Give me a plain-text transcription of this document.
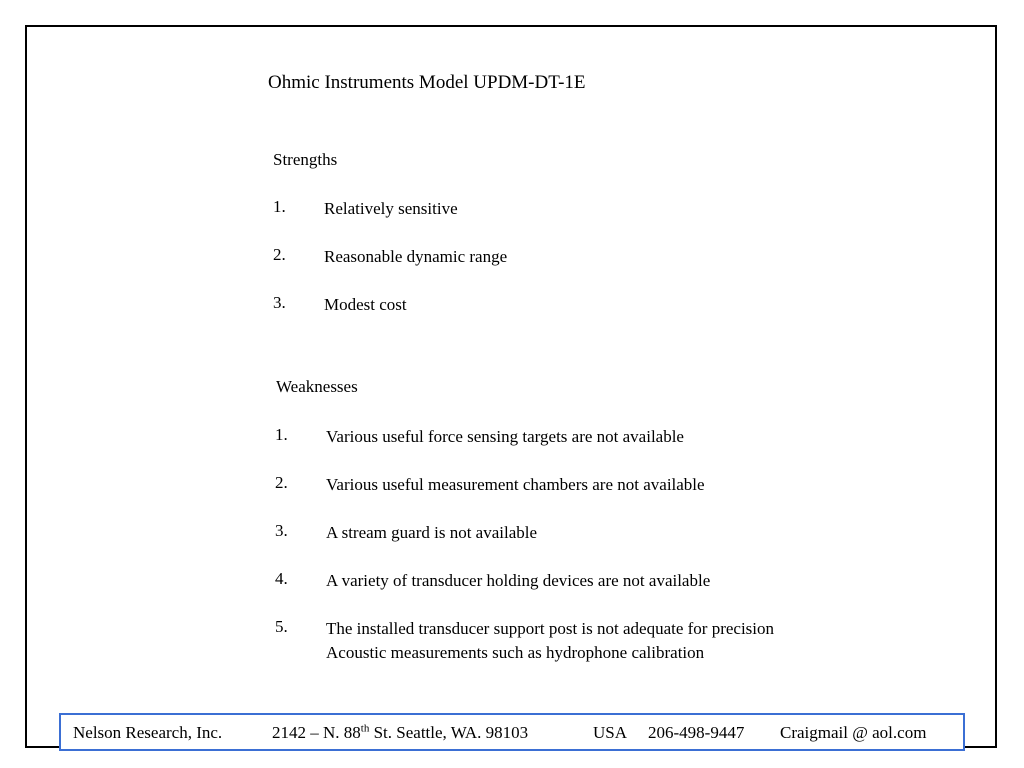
Ohmic Instruments Model UPDM-DT-1E
Strengths
1. Relatively sensitive
2. Reasonable dynamic range
3. Modest cost
Weaknesses
1. Various useful force sensing targets are not available
2. Various useful measurement chambers are not available
3. A stream guard is not available
4. A variety of transducer holding devices are not available
5. The installed transducer support post is not adequate for precision
Acoustic measurements such as hydrophone calibration
Nelson Research, Inc.	2142 – N. 88th St. Seattle, WA. 98103	USA 206-498-9447 Craigmail @ aol.com
